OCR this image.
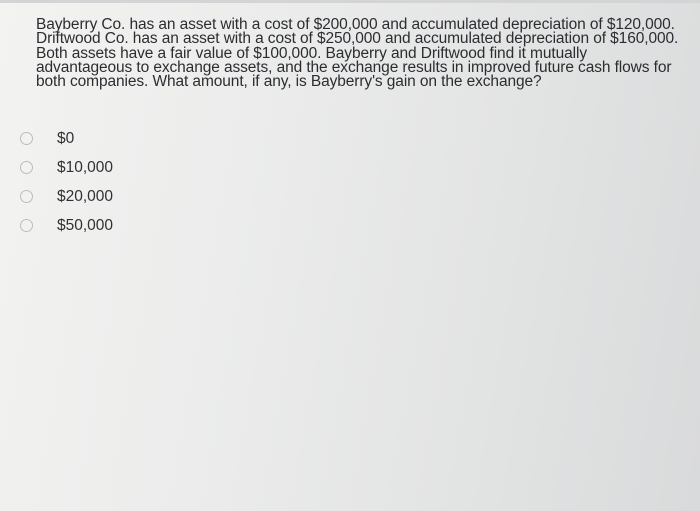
Bayberry Co. has an asset with a cost of $200,000 and accumulated depreciation of $120,000. Driftwood Co. has an asset with a cost of $250,000 and accumulated depreciation of $160,000. Both assets have a fair value of $100,000. Bayberry and Driftwood find it mutually advantageous to exchange assets, and the exchange results in improved future cash flows for both companies. What amount, if any, is Bayberry's gain on the exchange?

$0
$10,000
$20,000
$50,000
